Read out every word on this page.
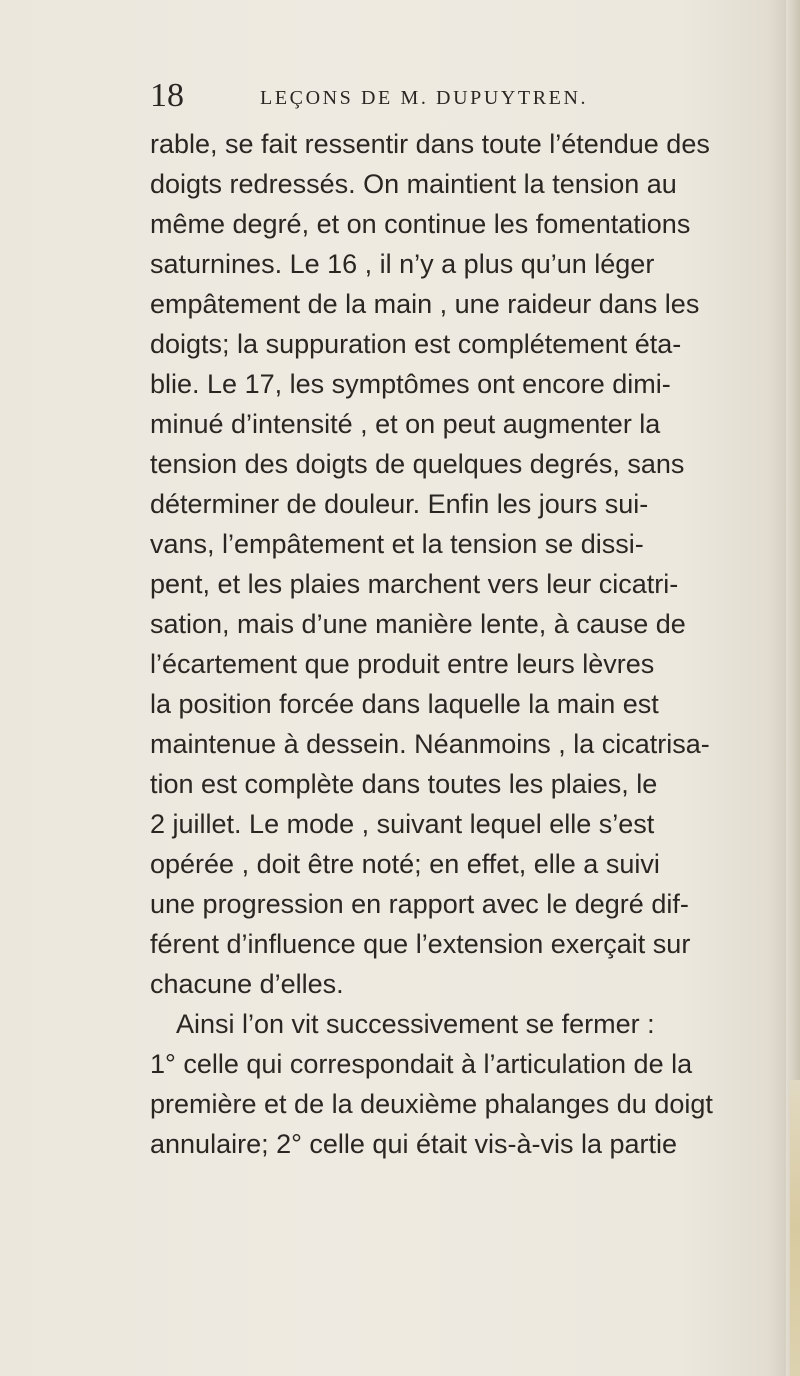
18	LEÇONS DE M. DUPUYTREN.
rable, se fait ressentir dans toute l’étendue des
doigts redressés. On maintient la tension au
même degré, et on continue les fomentations
saturnines. Le 16 , il n’y a plus qu’un léger
empâtement de la main , une raideur dans les
doigts; la suppuration est complétement éta-
blie. Le 17, les symptômes ont encore dimi-
minué d’intensité , et on peut augmenter la
tension des doigts de quelques degrés, sans
déterminer de douleur. Enfin les jours sui-
vans, l’empâtement et la tension se dissi-
pent, et les plaies marchent vers leur cicatri-
sation, mais d’une manière lente, à cause de
l’écartement que produit entre leurs lèvres
la position forcée dans laquelle la main est
maintenue à dessein. Néanmoins , la cicatrisa-
tion est complète dans toutes les plaies, le
2 juillet. Le mode , suivant lequel elle s’est
opérée , doit être noté; en effet, elle a suivi
une progression en rapport avec le degré dif-
férent d’influence que l’extension exerçait sur
chacune d’elles.
Ainsi l’on vit successivement se fermer :
1° celle qui correspondait à l’articulation de la
première et de la deuxième phalanges du doigt
annulaire; 2° celle qui était vis-à-vis la partie
